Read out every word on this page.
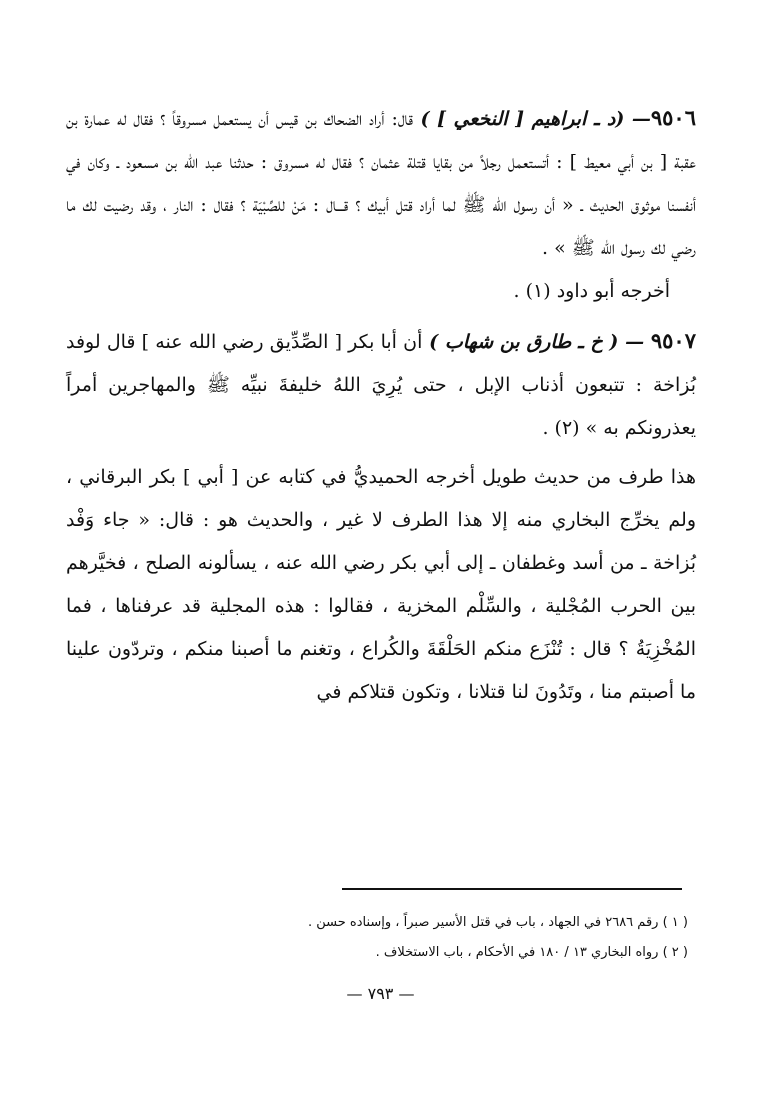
٩٥٠٦— (د ـ ابراهيم [ النخعي ] ) قال: أراد الضحاك بن قيس أن يستعمل مسروقاً ؟ فقال له عمارة بن عقبة [ بن أبي معيط ] : أتستعمل رجلاً من بقايا قتلة عثمان ؟ فقال له مسروق : حدثنا عبد الله بن مسعود ـ وكان في أنفسنا موثوق الحديث ـ « أن رسول الله ﷺ لما أراد قتل أبيك ؟ قـــال : مَنْ للصِّبْيَة ؟ فقال : النار ، وقد رضيت لك ما رضي لك رسول الله ﷺ » .
أخرجه أبو داود (١) .

٩٥٠٧ — ( خ ـ طارق بن شهاب ) أن أبا بكر [ الصِّدِّيق رضي الله عنه ] قال لوفد بُزاخة : تتبعون أذناب الإبل ، حتى يُرِيَ اللهُ خليفةَ نبيِّه ﷺ والمهاجرين أمراً يعذرونكم به » (٢) .

هذا طرف من حديث طويل أخرجه الحميديُّ في كتابه عن [ أبي ] بكر البرقاني ، ولم يخرِّج البخاري منه إلا هذا الطرف لا غير ، والحديث هو : قال: « جاء وَفْد بُزاخة ـ من أسد وغطفان ـ إلى أبي بكر رضي الله عنه ، يسألونه الصلح ، فخيَّرهم بين الحرب المُجْلية ، والسِّلْم المخزية ، فقالوا : هذه المجلية قد عرفناها ، فما المُخْزِيَةُ ؟ قال : تُنْزَع منكم الحَلْقَةَ والكُراع ، وتغنم ما أصبنا منكم ، وتردّون علينا ما أصبتم منا ، وتَدُونَ لنا قتلانا ، وتكون قتلاكم في

( ١ ) رقم ٢٦٨٦ في الجهاد ، باب في قتل الأسير صبراً ، وإسناده حسن .

( ٢ ) رواه البخاري ١٣ / ١٨٠ في الأحكام ، باب الاستخلاف .

— ٧٩٣ —
